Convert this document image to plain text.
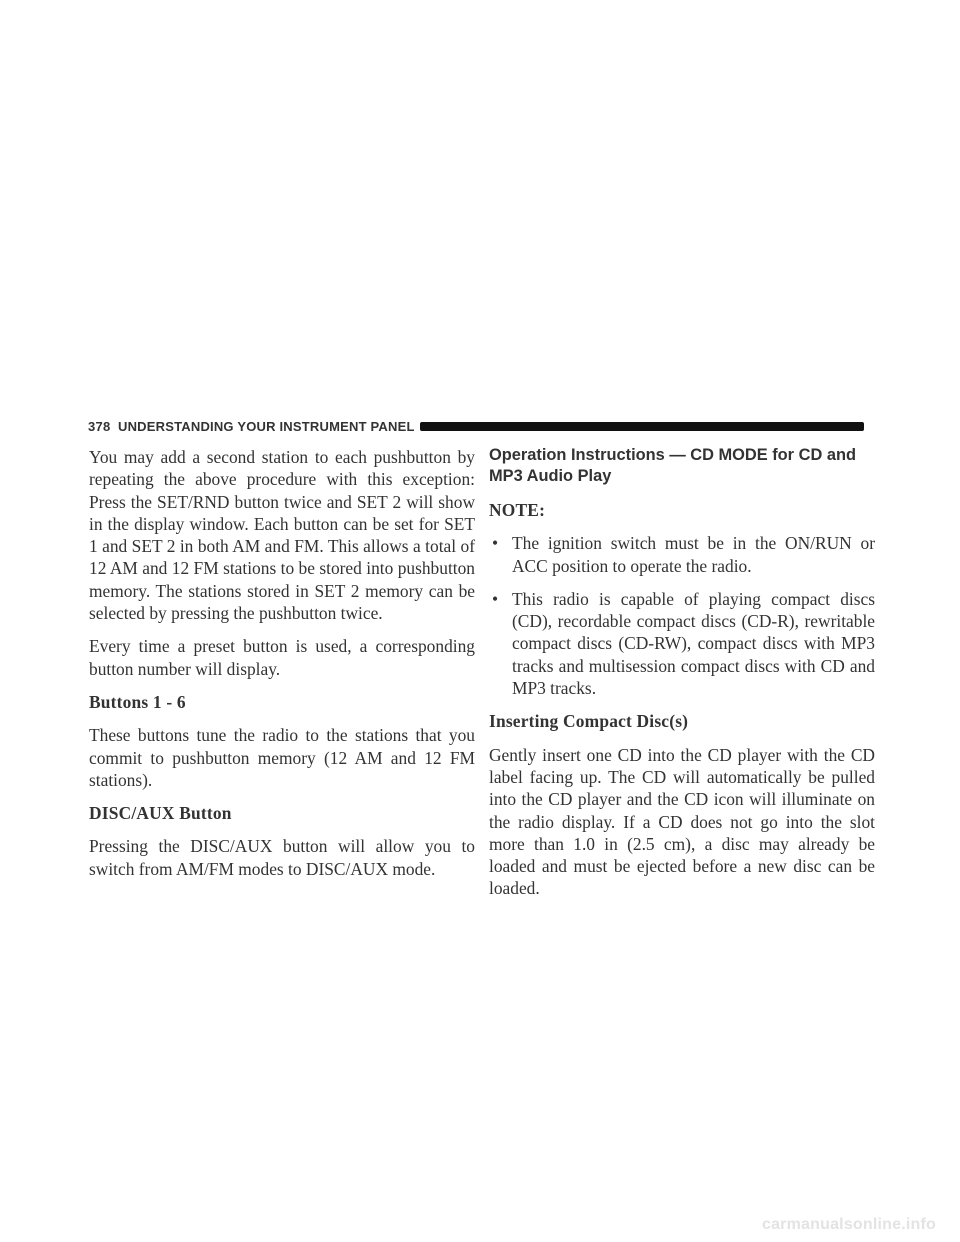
378 UNDERSTANDING YOUR INSTRUMENT PANEL

You may add a second station to each pushbutton by repeating the above procedure with this exception: Press the SET/RND button twice and SET 2 will show in the display window. Each button can be set for SET 1 and SET 2 in both AM and FM. This allows a total of 12 AM and 12 FM stations to be stored into pushbutton memory. The stations stored in SET 2 memory can be selected by pressing the pushbutton twice.

Every time a preset button is used, a corresponding button number will display.

Buttons 1 - 6

These buttons tune the radio to the stations that you commit to pushbutton memory (12 AM and 12 FM stations).

DISC/AUX Button

Pressing the DISC/AUX button will allow you to switch from AM/FM modes to DISC/AUX mode.

Operation Instructions — CD MODE for CD and MP3 Audio Play
NOTE:
• The ignition switch must be in the ON/RUN or ACC position to operate the radio.
• This radio is capable of playing compact discs (CD), recordable compact discs (CD-R), rewritable compact discs (CD-RW), compact discs with MP3 tracks and multisession compact discs with CD and MP3 tracks.
Inserting Compact Disc(s)

Gently insert one CD into the CD player with the CD label facing up. The CD will automatically be pulled into the CD player and the CD icon will illuminate on the radio display. If a CD does not go into the slot more than 1.0 in (2.5 cm), a disc may already be loaded and must be ejected before a new disc can be loaded.

carmanualsonline.info
